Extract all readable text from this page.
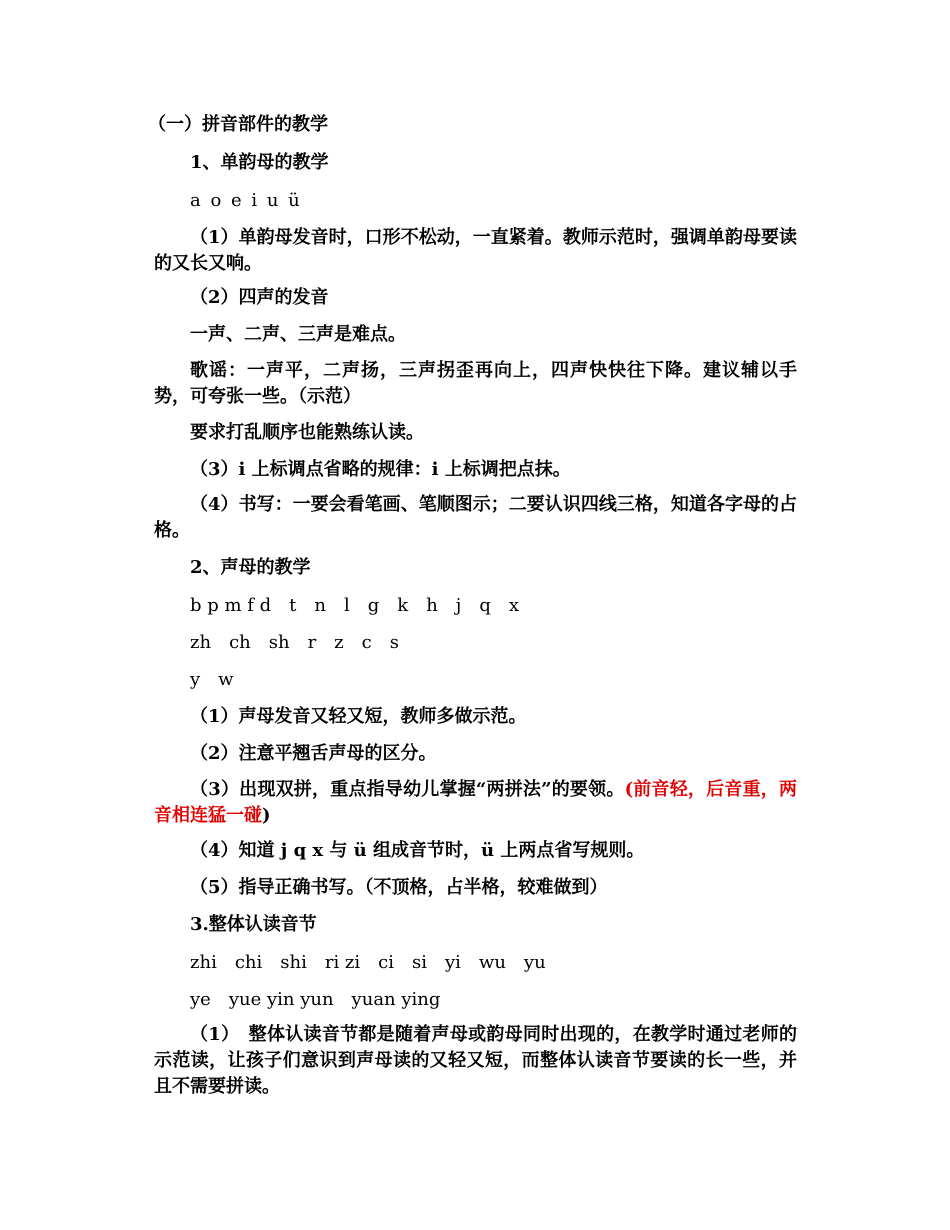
（一）拼音部件的教学
1、单韵母的教学
a o e i u ü
（1）单韵母发音时，口形不松动，一直紧着。教师示范时，强调单韵母要读的又长又响。
（2）四声的发音
一声、二声、三声是难点。
歌谣：一声平，二声扬，三声拐歪再向上，四声快快往下降。建议辅以手势，可夸张一些。（示范）
要求打乱顺序也能熟练认读。
（3）i 上标调点省略的规律：i 上标调把点抹。
（4）书写：一要会看笔画、笔顺图示；二要认识四线三格，知道各字母的占格。
2、声母的教学
b p m f d　t　n　l　g　k　h　j　q　x
zh　ch　sh　r　z　c　s
y　w
（1）声母发音又轻又短，教师多做示范。
（2）注意平翘舌声母的区分。
（3）出现双拼，重点指导幼儿掌握“两拼法”的要领。(前音轻，后音重，两音相连猛一碰)
（4）知道 j q x 与 ü 组成音节时，ü 上两点省写规则。
（5）指导正确书写。（不顶格，占半格，较难做到）
3.整体认读音节
zhi　chi　shi　ri zi　ci　si　yi　wu　yu
ye　yue yin yun　yuan ying
（1）　整体认读音节都是随着声母或韵母同时出现的，在教学时通过老师的示范读，让孩子们意识到声母读的又轻又短，而整体认读音节要读的长一些，并且不需要拼读。
